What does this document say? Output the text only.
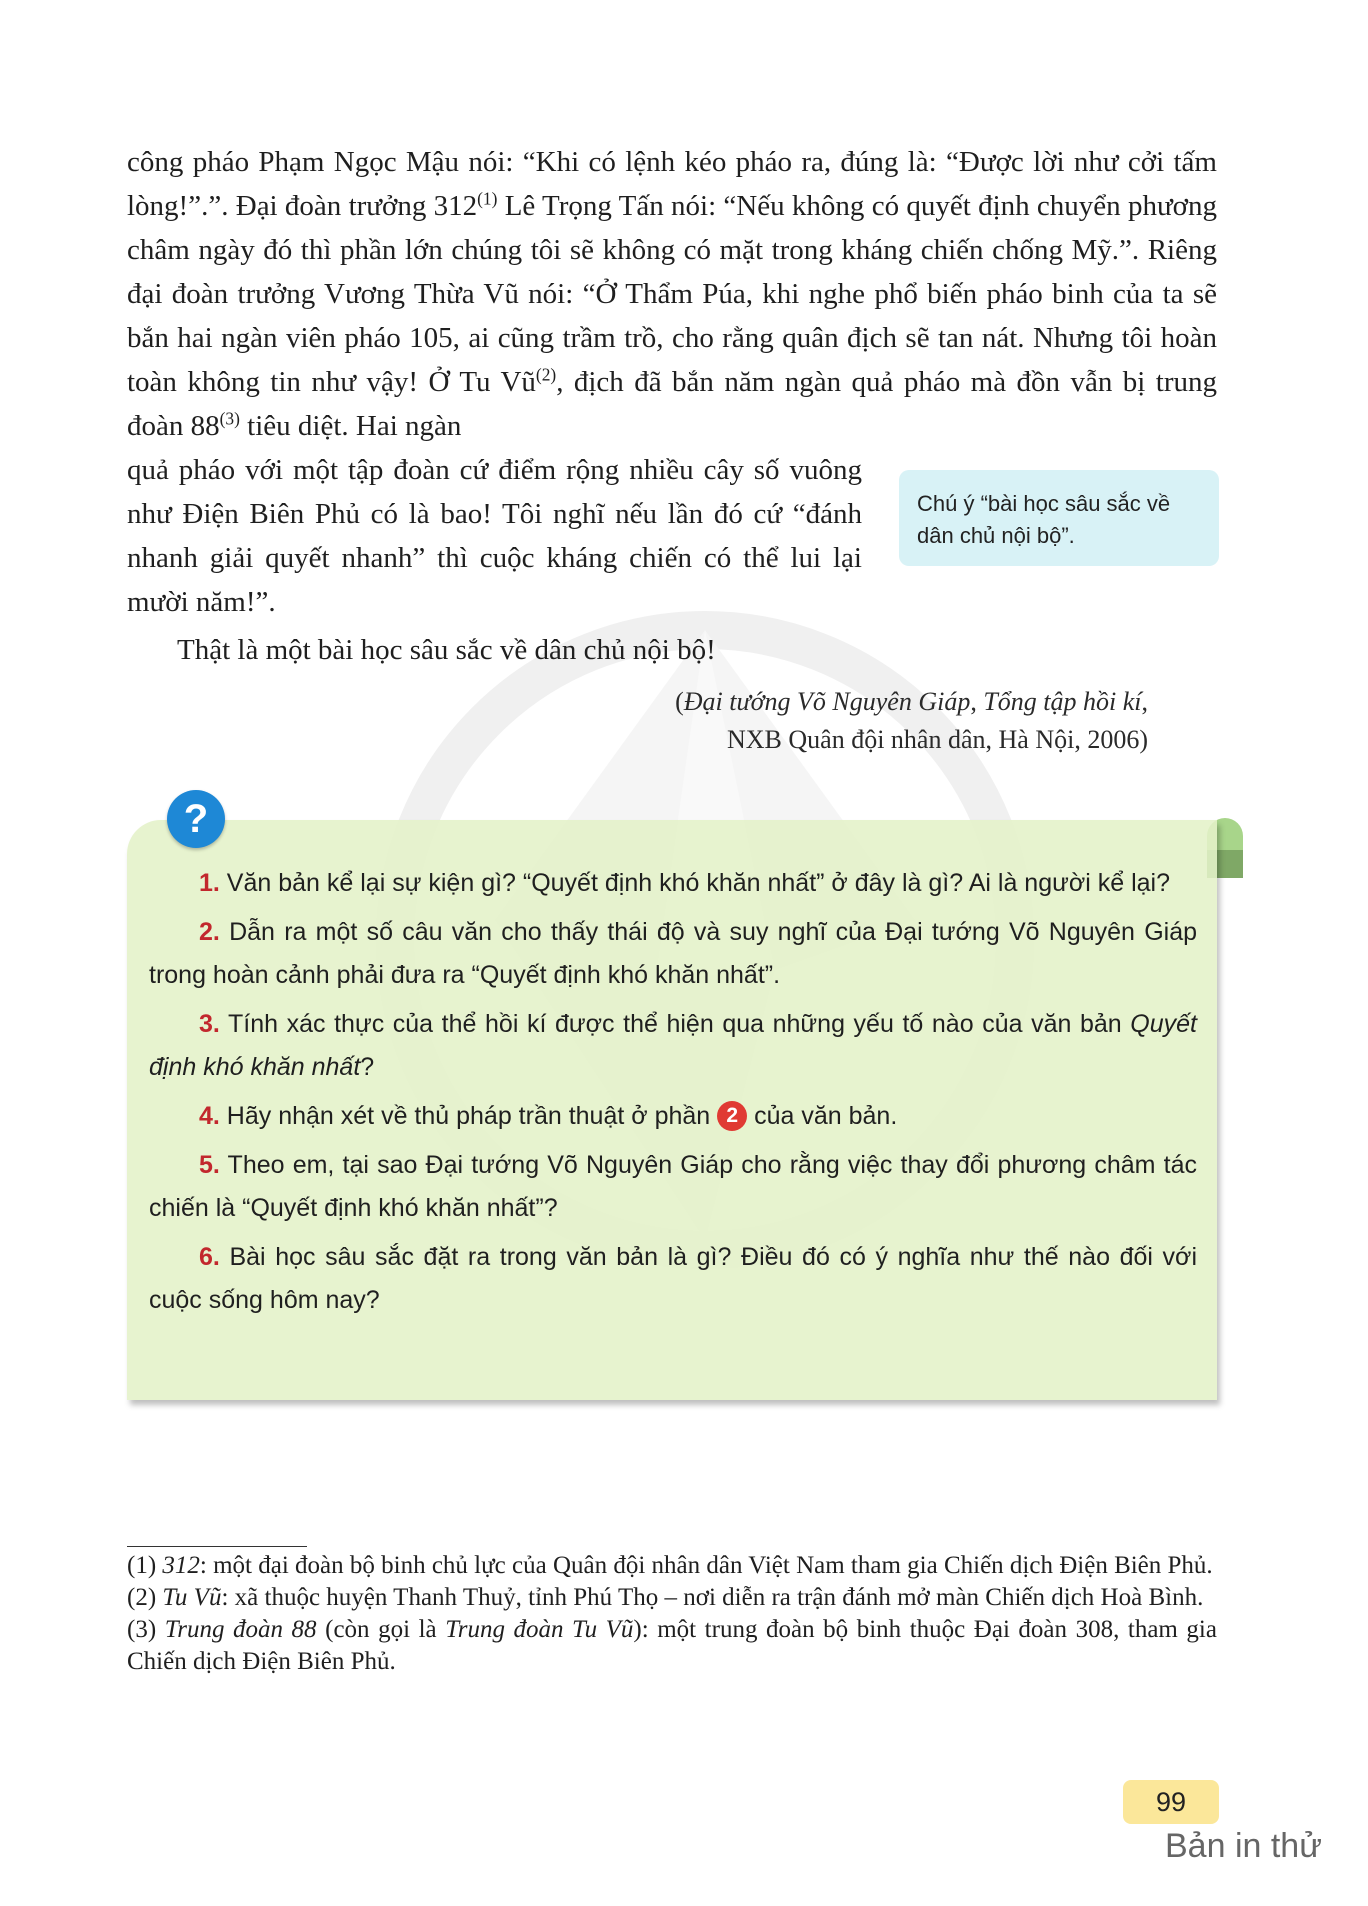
công pháo Phạm Ngọc Mậu nói: “Khi có lệnh kéo pháo ra, đúng là: “Được lời như cởi tấm lòng!”.”. Đại đoàn trưởng 312$^{(1)}$ Lê Trọng Tấn nói: “Nếu không có quyết định chuyển phương châm ngày đó thì phần lớn chúng tôi sẽ không có mặt trong kháng chiến chống Mỹ.”. Riêng đại đoàn trưởng Vương Thừa Vũ nói: “Ở Thẩm Púa, khi nghe phổ biến pháo binh của ta sẽ bắn hai ngàn viên pháo 105, ai cũng trầm trồ, cho rằng quân địch sẽ tan nát. Nhưng tôi hoàn toàn không tin như vậy! Ở Tu $Vũ^{(2)}$, địch đã bắn năm ngàn quả pháo mà đồn vẫn bị trung đoàn 88$^{(3)}$ tiêu diệt. Hai ngàn

quả pháo với một tập đoàn cứ điểm rộng nhiều cây số vuông như Điện Biên Phủ có là bao! Tôi nghĩ nếu lần đó cứ “đánh nhanh giải quyết nhanh” thì cuộc kháng chiến có thể lui lại mười năm!”.

Chú ý “bài học sâu sắc về dân chủ nội bộ”.
Thật là một bài học sâu sắc về dân chủ nội bộ!
(Đại tướng Võ Nguyên Giáp, Tổng tập hồi kí,
NXB Quân đội nhân dân, Hà Nội, 2006)
?

1. Văn bản kể lại sự kiện gì? “Quyết định khó khăn nhất” ở đây là gì? Ai là người kể lại?

2. Dẫn ra một số câu văn cho thấy thái độ và suy nghĩ của Đại tướng Võ Nguyên Giáp trong hoàn cảnh phải đưa ra “Quyết định khó khăn nhất”.

3. Tính xác thực của thể hồi kí được thể hiện qua những yếu tố nào của văn bản Quyết định khó khăn nhất?

4. Hãy nhận xét về thủ pháp trần thuật ở phần 2 của văn bản.

5. Theo em, tại sao Đại tướng Võ Nguyên Giáp cho rằng việc thay đổi phương châm tác chiến là “Quyết định khó khăn nhất”?

6. Bài học sâu sắc đặt ra trong văn bản là gì? Điều đó có ý nghĩa như thế nào đối với cuộc sống hôm nay?

(1) 312: một đại đoàn bộ binh chủ lực của Quân đội nhân dân Việt Nam tham gia Chiến dịch Điện Biên Phủ.

(2) Tu Vũ: xã thuộc huyện Thanh Thuỷ, tỉnh Phú Thọ – nơi diễn ra trận đánh mở màn Chiến dịch Hoà Bình.

(3) Trung đoàn 88 (còn gọi là Trung đoàn Tu Vũ): một trung đoàn bộ binh thuộc Đại đoàn 308, tham gia Chiến dịch Điện Biên Phủ.

99
Bản in thử
